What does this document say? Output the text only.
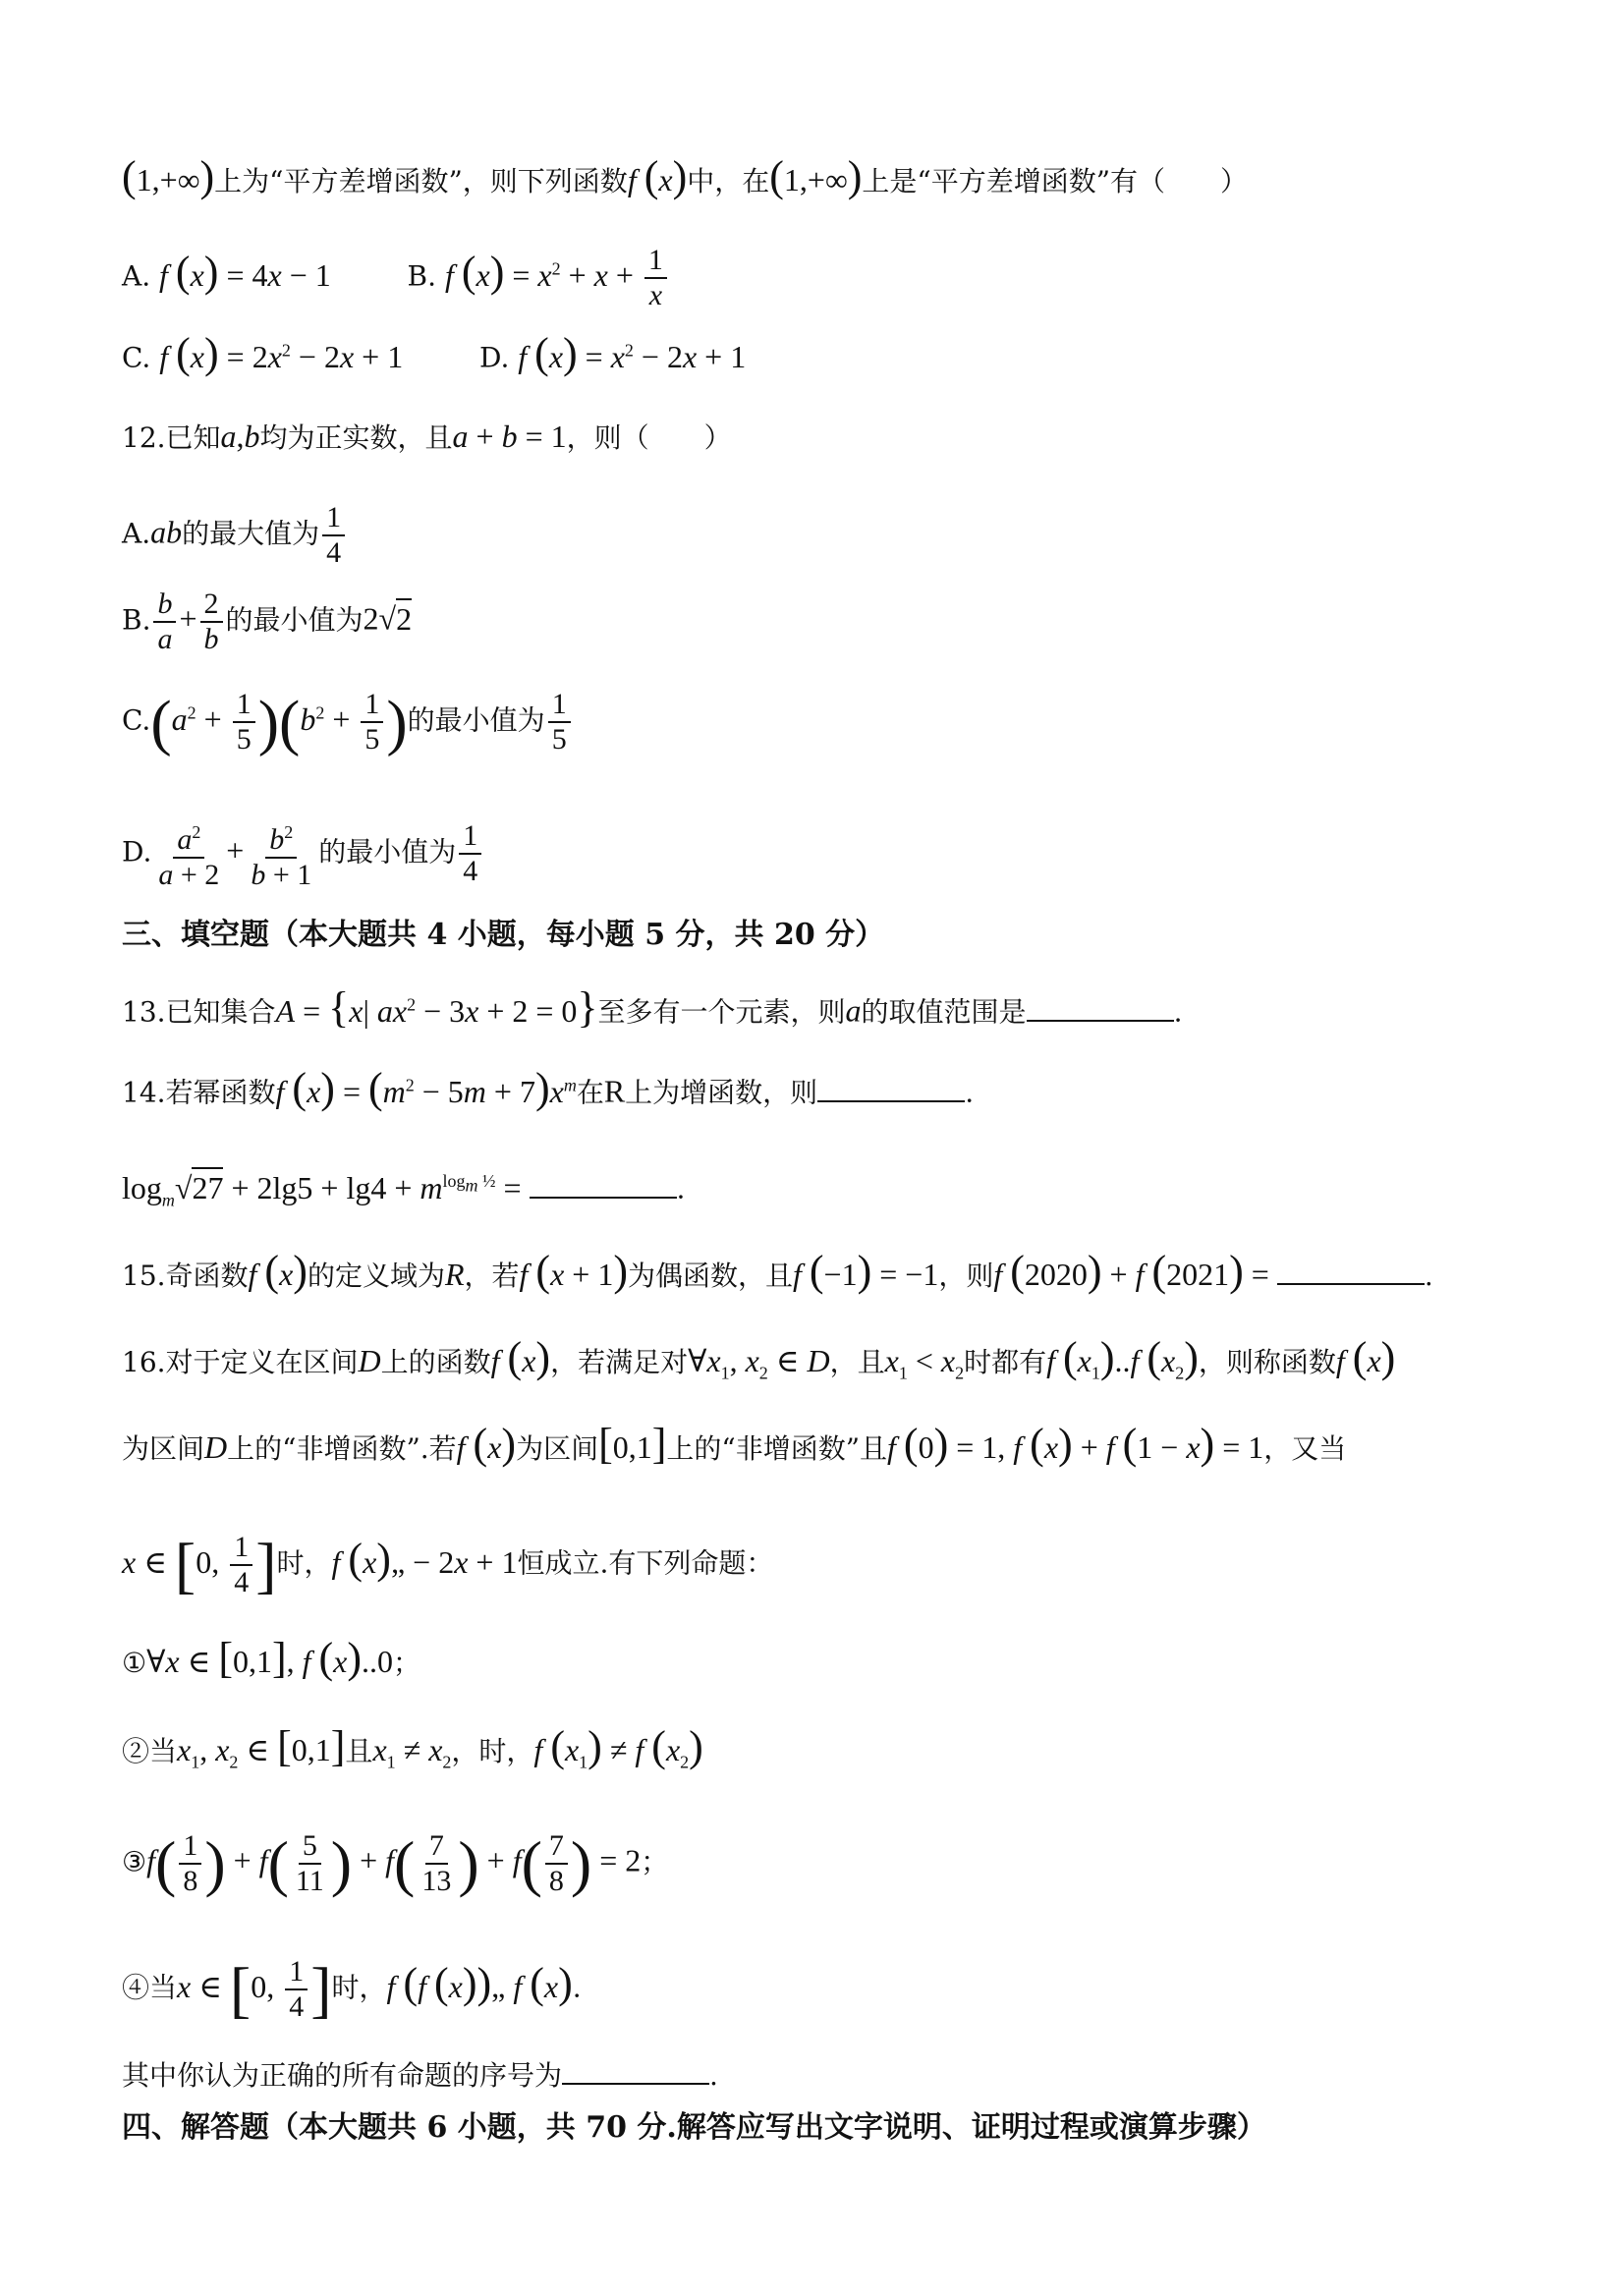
(1,+∞)上为“平方差增函数”，则下列函数f (x)中，在(1,+∞)上是“平方差增函数”有（　　）
A. f (x) = 4x − 1	B. f $(x) = x^2 + x + \frac{1}{x}$
C. f $(x) = 2x^2 - 2x + 1$	D. f $(x) = x^2 - 2x + 1$
12.已知a,b均为正实数，且a + b = 1，则（　　）
A.ab的最大值为 $\frac{1}{4}$
B. $\frac{b}{a} + \frac{2}{b}$ 的最小值为2√2
$C.(a^2 + \frac{1}{5} )(b^2 + \frac{1}{5}$ )的最小值为 $\frac{1}{5}$
D. $\frac{a^2}{a + 2} + \frac{b^2}{b + 1}$ 的最小值为 $\frac{1}{4}$
三、填空题（本大题共 4 小题，每小题 5 分，共 20 分）
13.已知集合A = {x| $ax^2 - 3x + 2 = 0$}至多有一个元素，则a的取值范围是	.
14.若幂函数f $(x) = (m^2 - 5m + 7)x^m$在R上为增函数，则	.
$\log_m√27 + 2\lg 5 + \lg 4 + m^{log_m \frac{1}{2}}$ =	.
15.奇函数f (x)的定义域为R，若f (x + 1)为偶函数，且f (−1) = −1，则f (2020) + f (2021) =	.
16.对于定义在区间D上的函数f (x)，若满足对$\forall x_1$, $x_2$ ∈ D，且$x_1 < x_2$时都有f $(x_1)..f$ $(x_2)$，则称函数f (x)
为区间D上的“非增函数”.若f (x)为区间[0,1]上的“非增函数”且f (0) = 1, f (x) + f (1 − x) = 1，又当
x ∈ [0, $\frac{1}{4}$ ]时，f (x)„ − 2x + 1恒成立.有下列命题：
①∀x ∈ [0,1], f (x)..0；
②当$x_1$, $x_2$ ∈ [0,1]且$x_1 \ne x_2$，时，f $(x_1) \ne f$ $(x_2)$
③f( $\frac{1}{8}$ ) + $f( \frac{5}{11}$ ) + $f( \frac{7}{13}$ ) + $f( \frac{7}{8}$ ) = 2；
④当x ∈ [0, $\frac{1}{4}$ ]时，f (f (x))„ f (x).
其中你认为正确的所有命题的序号为	.
四、解答题（本大题共 6 小题，共 70 分.解答应写出文字说明、证明过程或演算步骤）
